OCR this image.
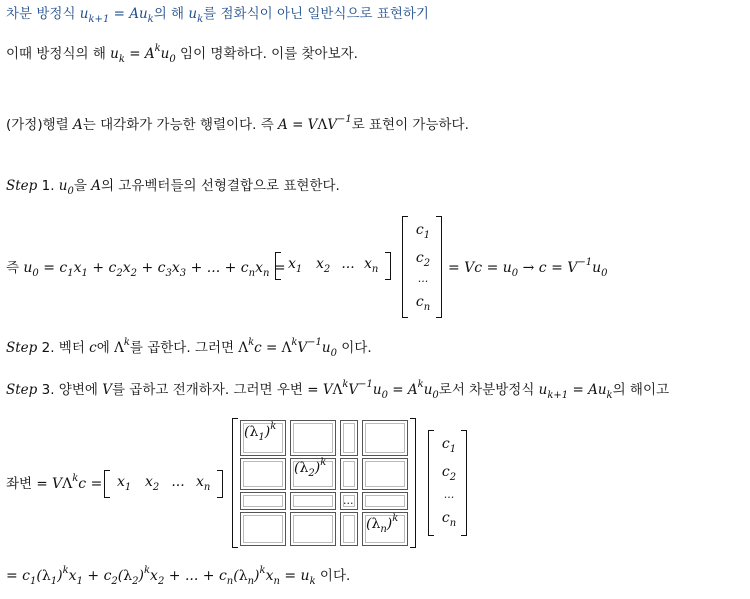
차분 방정식 $u_{k+1} = Au_k$의 해 $u_k$를 점화식이 아닌 일반식으로 표현하기
이때 방정식의 해 $u_k = A^ku_0$ 임이 명확하다. 이를 찾아보자.
(가정)행렬 A는 대각화가 가능한 행렬이다. 즉 $A = V\Lambda V^{-1}$로 표현이 가능하다.
Step 1. $u_0$을 A의 고유벡터들의 선형결합으로 표현한다.
즉 $u_0 = c_1x_1 + c_2x_2 + c_3x_3$ + ... + $c_nx_n = x_1$ $x_2$ ... $x_n$
$c_1$
$c_2$
...
$c_n$
= $Vc = u_0 \to c = V^{-1}u_0$
Step 2. 벡터 c에 $\Lambda^k$를 곱한다. 그러면 $\Lambda^kc = \Lambda^kV^{-1}u_0$ 이다.
Step 3. 양변에 V를 곱하고 전개하자. 그러면 우변 = $V\Lambda^kV^{-1}u_0 = A^ku_0$로서 차분방정식 $u_{k+1} = Au_k$의 해이고
좌변 = $V\Lambda^kc = x_1$ $x_2$ ... $x_n$
...
$(\lambda_1)^k$
$(\lambda_2)^k$
$(\lambda_n)^k$
$c_1$
$c_2$
...
$c_n$
= $c_1(\lambda_1)^kx_1 + c_2(\lambda_2)^kx_2$ + ... + $c_n(\lambda_n)^kx_n = u_k$ 이다.
